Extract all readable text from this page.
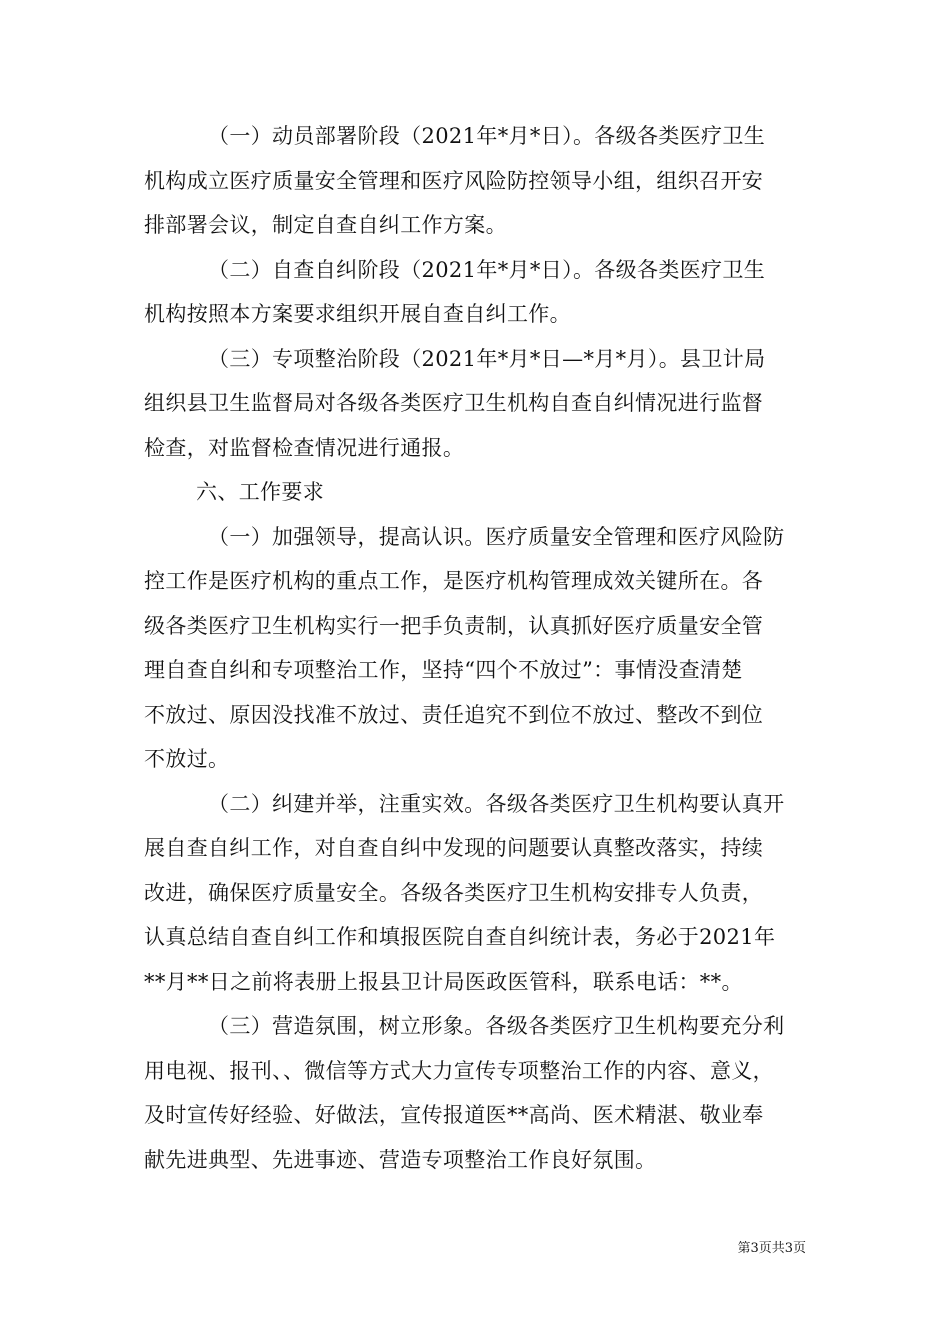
（一）动员部署阶段（2021年*月*日）。各级各类医疗卫生
机构成立医疗质量安全管理和医疗风险防控领导小组，组织召开安
排部署会议，制定自查自纠工作方案。
（二）自查自纠阶段（2021年*月*日）。各级各类医疗卫生
机构按照本方案要求组织开展自查自纠工作。
（三）专项整治阶段（2021年*月*日—*月*月）。县卫计局
组织县卫生监督局对各级各类医疗卫生机构自查自纠情况进行监督
检查，对监督检查情况进行通报。
六、工作要求
（一）加强领导，提高认识。医疗质量安全管理和医疗风险防
控工作是医疗机构的重点工作，是医疗机构管理成效关键所在。各
级各类医疗卫生机构实行一把手负责制，认真抓好医疗质量安全管
理自查自纠和专项整治工作，坚持“四个不放过”：事情没查清楚
不放过、原因没找准不放过、责任追究不到位不放过、整改不到位
不放过。
（二）纠建并举，注重实效。各级各类医疗卫生机构要认真开
展自查自纠工作，对自查自纠中发现的问题要认真整改落实，持续
改进，确保医疗质量安全。各级各类医疗卫生机构安排专人负责，
认真总结自查自纠工作和填报医院自查自纠统计表，务必于2021年
**月**日之前将表册上报县卫计局医政医管科，联系电话：**。
（三）营造氛围，树立形象。各级各类医疗卫生机构要充分利
用电视、报刊、、微信等方式大力宣传专项整治工作的内容、意义，
及时宣传好经验、好做法，宣传报道医**高尚、医术精湛、敬业奉
献先进典型、先进事迹、营造专项整治工作良好氛围。
第3页共3页
